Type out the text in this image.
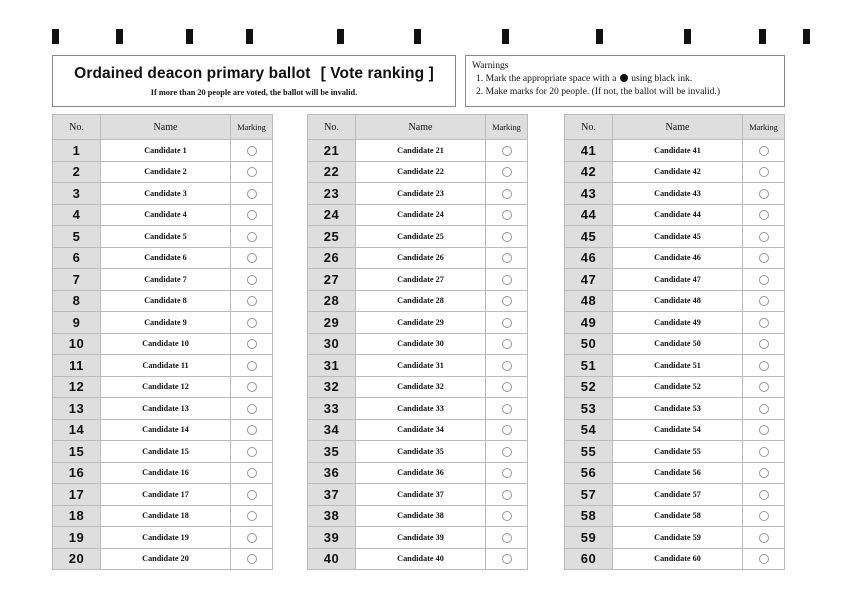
Ordained deacon primary ballot [ Vote ranking ]
If more than 20 people are voted, the ballot will be invalid.
Warnings
1. Mark the appropriate space with a using black ink.
2. Make marks for 20 people. (If not, the ballot will be invalid.)
No.	Name	Marking
1	Candidate 1	
2	Candidate 2	
3	Candidate 3	
4	Candidate 4	
5	Candidate 5	
6	Candidate 6	
7	Candidate 7	
8	Candidate 8	
9	Candidate 9	
10	Candidate 10	
11	Candidate 11	
12	Candidate 12	
13	Candidate 13	
14	Candidate 14	
15	Candidate 15	
16	Candidate 16	
17	Candidate 17	
18	Candidate 18	
19	Candidate 19	
20	Candidate 20	
No.	Name	Marking
21	Candidate 21	
22	Candidate 22	
23	Candidate 23	
24	Candidate 24	
25	Candidate 25	
26	Candidate 26	
27	Candidate 27	
28	Candidate 28	
29	Candidate 29	
30	Candidate 30	
31	Candidate 31	
32	Candidate 32	
33	Candidate 33	
34	Candidate 34	
35	Candidate 35	
36	Candidate 36	
37	Candidate 37	
38	Candidate 38	
39	Candidate 39	
40	Candidate 40	
No.	Name	Marking
41	Candidate 41	
42	Candidate 42	
43	Candidate 43	
44	Candidate 44	
45	Candidate 45	
46	Candidate 46	
47	Candidate 47	
48	Candidate 48	
49	Candidate 49	
50	Candidate 50	
51	Candidate 51	
52	Candidate 52	
53	Candidate 53	
54	Candidate 54	
55	Candidate 55	
56	Candidate 56	
57	Candidate 57	
58	Candidate 58	
59	Candidate 59	
60	Candidate 60	
